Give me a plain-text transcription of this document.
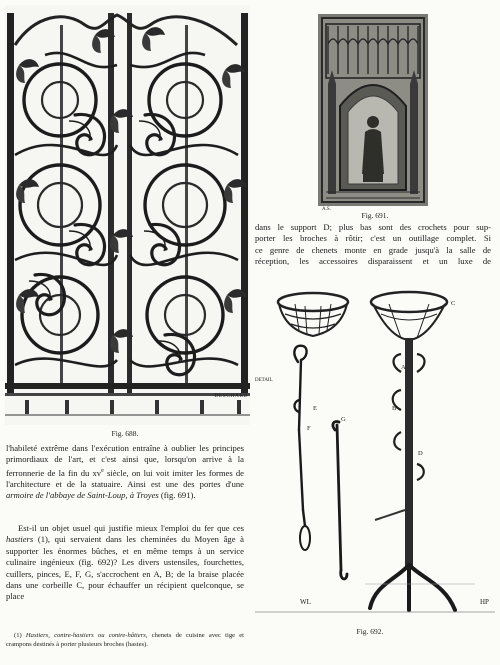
DESCHARD
Fig. 688.
A.S.
Fig. 691.
dans le support D; plus bas sont des crochets pour sup-
porter les broches à rôtir; c'est un outillage complet. Si
ce genre de chenets monte en grade jusqu'à la salle de
réception, les accessoires disparaissent et un luxe de
DETAIL
A
B
C
D
E
F
G
WL	HP
Fig. 692.

l'habileté extrême dans l'exécution entraîne à oublier les principes primordiaux de l'art, et c'est ainsi que, lorsqu'on arrive à la ferronnerie de la fin du $xv^e$ siècle, on lui voit imiter les formes de l'architecture et de la statuaire. Ainsi est une des portes d'une armoire de l'abbaye de Saint-Loup, à Troyes (fig. 691).

Est-il un objet usuel qui justifie mieux l'emploi du fer que ces hastiers (1), qui servaient dans les cheminées du Moyen âge à supporter les énormes bûches, et en même temps à un service culinaire ingénieux (fig. 692)? Les divers ustensiles, fourchettes, cuillers, pinces, E, F, G, s'accrochent en A, B; de la braise placée dans une corbeille C, pour échauffer un récipient quelconque, se place

(1) Hastiers, contre-hastiers ou contre-hâtiers, chenets de cuisine avec tige et crampons destinés à porter plusieurs broches (hastes).
